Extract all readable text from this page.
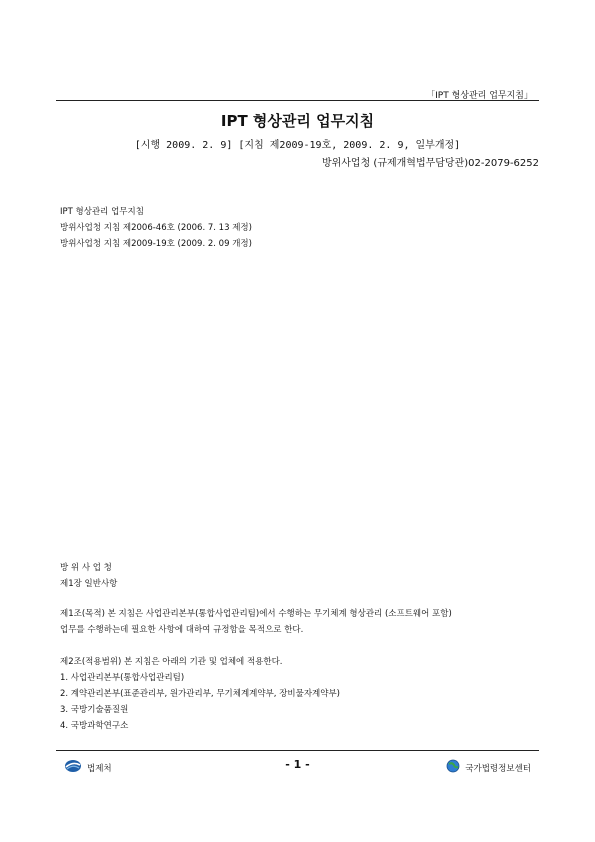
「IPT 형상관리 업무지침」
IPT 형상관리 업무지침
[시행 2009. 2. 9] [지침 제2009-19호, 2009. 2. 9, 일부개정]
방위사업청 (규제개혁법무담당관)02-2079-6252
IPT 형상관리 업무지침
방위사업청 지침 제2006-46호 (2006. 7. 13 제정)
방위사업청 지침 제2009-19호 (2009. 2. 09 개정)
방 위 사 업 청
제1장 일반사항

제1조(목적) 본 지침은 사업관리본부(통합사업관리팀)에서 수행하는 무기체계 형상관리 (소프트웨어 포함)

업무를 수행하는데 필요한 사항에 대하여 규정함을 목적으로 한다.

제2조(적용범위) 본 지침은 아래의 기관 및 업체에 적용한다.

1. 사업관리본부(통합사업관리팀)

2. 계약관리본부(표준관리부, 원가관리부, 무기체계계약부, 장비물자계약부)

3. 국방기술품질원

4. 국방과학연구소

법제처	- 1 -	국가법령정보센터
